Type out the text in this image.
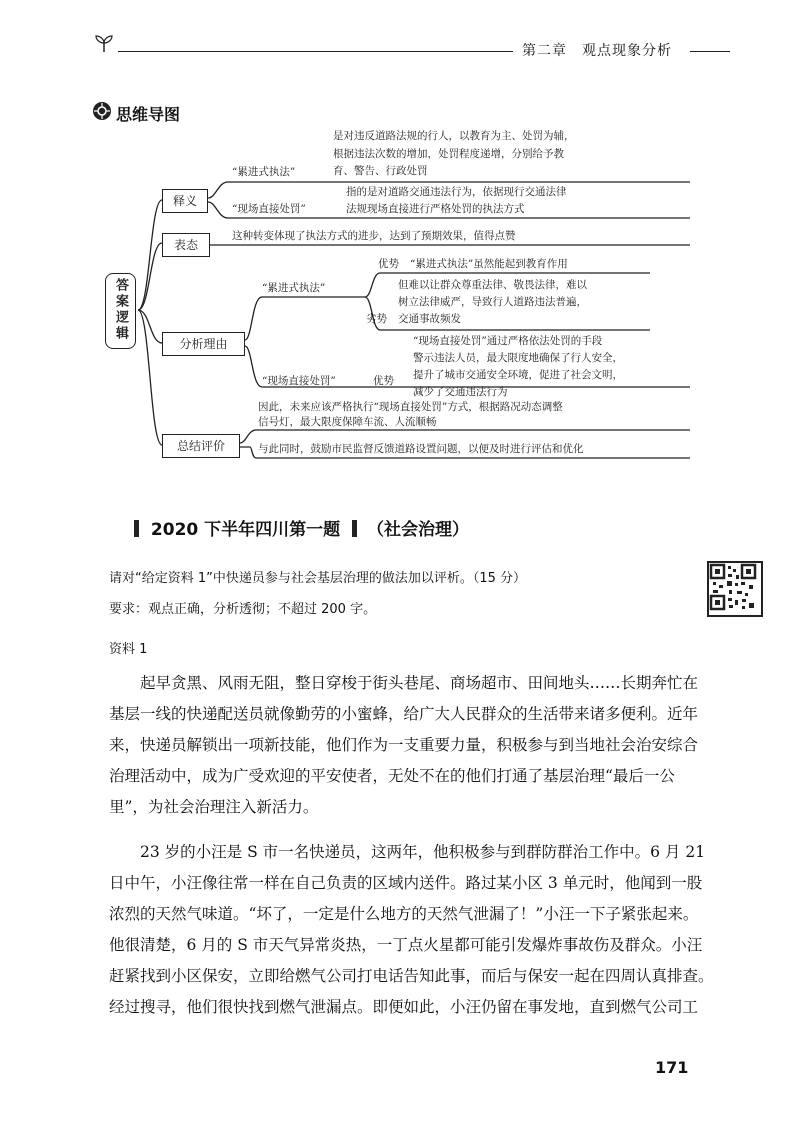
第二章　观点现象分析
思维导图
答案逻辑
释义
表态
分析理由
总结评价
是对违反道路法规的行人，以教育为主、处罚为辅，
根据违法次数的增加，处罚程度递增，分别给予教
育、警告、行政处罚
“累进式执法”
指的是对道路交通违法行为，依据现行交通法律
法规现场直接进行严格处罚的执法方式
“现场直接处罚”
这种转变体现了执法方式的进步，达到了预期效果，值得点赞
优势 “累进式执法”虽然能起到教育作用
“累进式执法”	但难以让群众尊重法律、敬畏法律，难以
树立法律威严，导致行人道路违法普遍，
劣势 交通事故频发
“现场直接处罚”通过严格依法处罚的手段
警示违法人员，最大限度地确保了行人安全，
提升了城市交通安全环境，促进了社会文明，
“现场直接处罚”	优势
减少了交通违法行为
因此，未来应该严格执行“现场直接处罚”方式，根据路况动态调整
信号灯，最大限度保障车流、人流顺畅
与此同时，鼓励市民监督反馈道路设置问题，以便及时进行评估和优化
2020 下半年四川第一题 （社会治理）
请对“给定资料 1”中快递员参与社会基层治理的做法加以评析。（15 分）
要求：观点正确，分析透彻；不超过 200 字。
资料 1

起早贪黑、风雨无阻，整日穿梭于街头巷尾、商场超市、田间地头……长期奔忙在

基层一线的快递配送员就像勤劳的小蜜蜂，给广大人民群众的生活带来诸多便利。近年

来，快递员解锁出一项新技能，他们作为一支重要力量，积极参与到当地社会治安综合

治理活动中，成为广受欢迎的平安使者，无处不在的他们打通了基层治理“最后一公

里”，为社会治理注入新活力。

23 岁的小汪是 S 市一名快递员，这两年，他积极参与到群防群治工作中。6 月 21

日中午，小汪像往常一样在自己负责的区域内送件。路过某小区 3 单元时，他闻到一股

浓烈的天然气味道。“坏了，一定是什么地方的天然气泄漏了！”小汪一下子紧张起来。

他很清楚，6 月的 S 市天气异常炎热，一丁点火星都可能引发爆炸事故伤及群众。小汪

赶紧找到小区保安，立即给燃气公司打电话告知此事，而后与保安一起在四周认真排查。

经过搜寻，他们很快找到燃气泄漏点。即便如此，小汪仍留在事发地，直到燃气公司工

171
